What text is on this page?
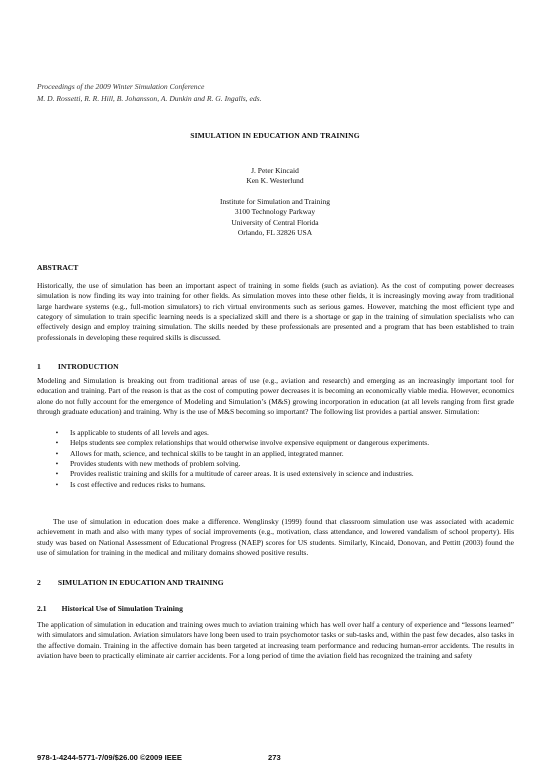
Proceedings of the 2009 Winter Simulation Conference
M. D. Rossetti, R. R. Hill, B. Johansson, A. Dunkin and R. G. Ingalls, eds.
SIMULATION IN EDUCATION AND TRAINING
J. Peter Kincaid
Ken K. Westerlund
Institute for Simulation and Training
3100 Technology Parkway
University of Central Florida
Orlando, FL 32826 USA
ABSTRACT

Historically, the use of simulation has been an important aspect of training in some fields (such as aviation). As the cost of computing power decreases simulation is now finding its way into training for other fields. As simulation moves into these other fields, it is increasingly moving away from traditional large hardware systems (e.g., full-motion simulators) to rich virtual environments such as serious games. However, matching the most efficient type and category of simulation to train specific learning needs is a specialized skill and there is a shortage or gap in the training of simulation specialists who can effectively design and employ training simulation. The skills needed by these professionals are presented and a program that has been established to train professionals in developing these required skills is discussed.

1         INTRODUCTION

Modeling and Simulation is breaking out from traditional areas of use (e.g., aviation and research) and emerging as an increasingly important tool for education and training. Part of the reason is that as the cost of computing power decreases it is becoming an economically viable media. However, economics alone do not fully account for the emergence of Modeling and Simulation’s (M&S) growing incorporation in education (at all levels ranging from first grade through graduate education) and training. Why is the use of M&S becoming so important? The following list provides a partial answer. Simulation:

•	Is applicable to students of all levels and ages.
•	Helps students see complex relationships that would otherwise involve expensive equipment or dangerous experiments.
•	Allows for math, science, and technical skills to be taught in an applied, integrated manner.
•	Provides students with new methods of problem solving.
•	Provides realistic training and skills for a multitude of career areas. It is used extensively in science and industries.
•	Is cost effective and reduces risks to humans.

The use of simulation in education does make a difference. Wenglinsky (1999) found that classroom simulation use was associated with academic achievement in math and also with many types of social improvements (e.g., motivation, class attendance, and lowered vandalism of school property). His study was based on National Assessment of Educational Progress (NAEP) scores for US students. Similarly, Kincaid, Donovan, and Pettitt (2003) found the use of simulation for training in the medical and military domains showed positive results.

2         SIMULATION IN EDUCATION AND TRAINING
2.1        Historical Use of Simulation Training

The application of simulation in education and training owes much to aviation training which has well over half a century of experience and “lessons learned” with simulators and simulation. Aviation simulators have long been used to train psychomotor tasks or sub-tasks and, within the past few decades, also tasks in the affective domain. Training in the affective domain has been targeted at increasing team performance and reducing human-error accidents. The results in aviation have been to practically eliminate air carrier accidents. For a long period of time the aviation field has recognized the training and safety

978-1-4244-5771-7/09/$26.00 ©2009 IEEE	273
